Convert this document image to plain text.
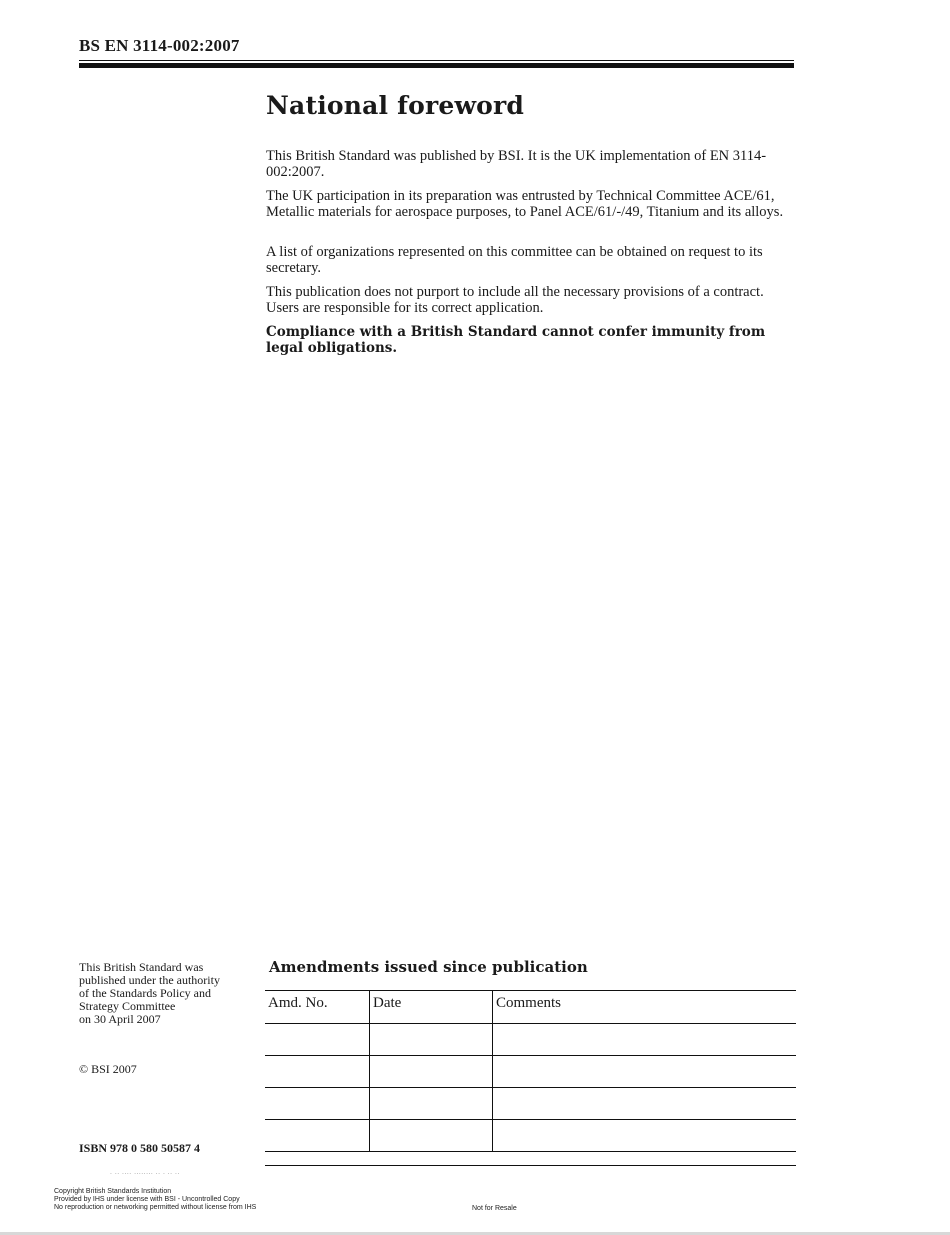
BS EN 3114-002:2007
National foreword
This British Standard was published by BSI. It is the UK implementation of EN 3114-002:2007.
The UK participation in its preparation was entrusted by Technical Committee ACE/61, Metallic materials for aerospace purposes, to Panel ACE/61/-/49, Titanium and its alloys.
A list of organizations represented on this committee can be obtained on request to its secretary.
This publication does not purport to include all the necessary provisions of a contract. Users are responsible for its correct application.
Compliance with a British Standard cannot confer immunity from legal obligations.
This British Standard was
published under the authority
of the Standards Policy and
Strategy Committee
on 30 April 2007
© BSI 2007
ISBN 978 0 580 50587 4
Amendments issued since publication
Amd. No.	Date	Comments

· ·· ···· ········ ·· · ·· ··
Copyright British Standards Institution
Provided by IHS under license with BSI - Uncontrolled Copy
No reproduction or networking permitted without license from IHS	Not for Resale
